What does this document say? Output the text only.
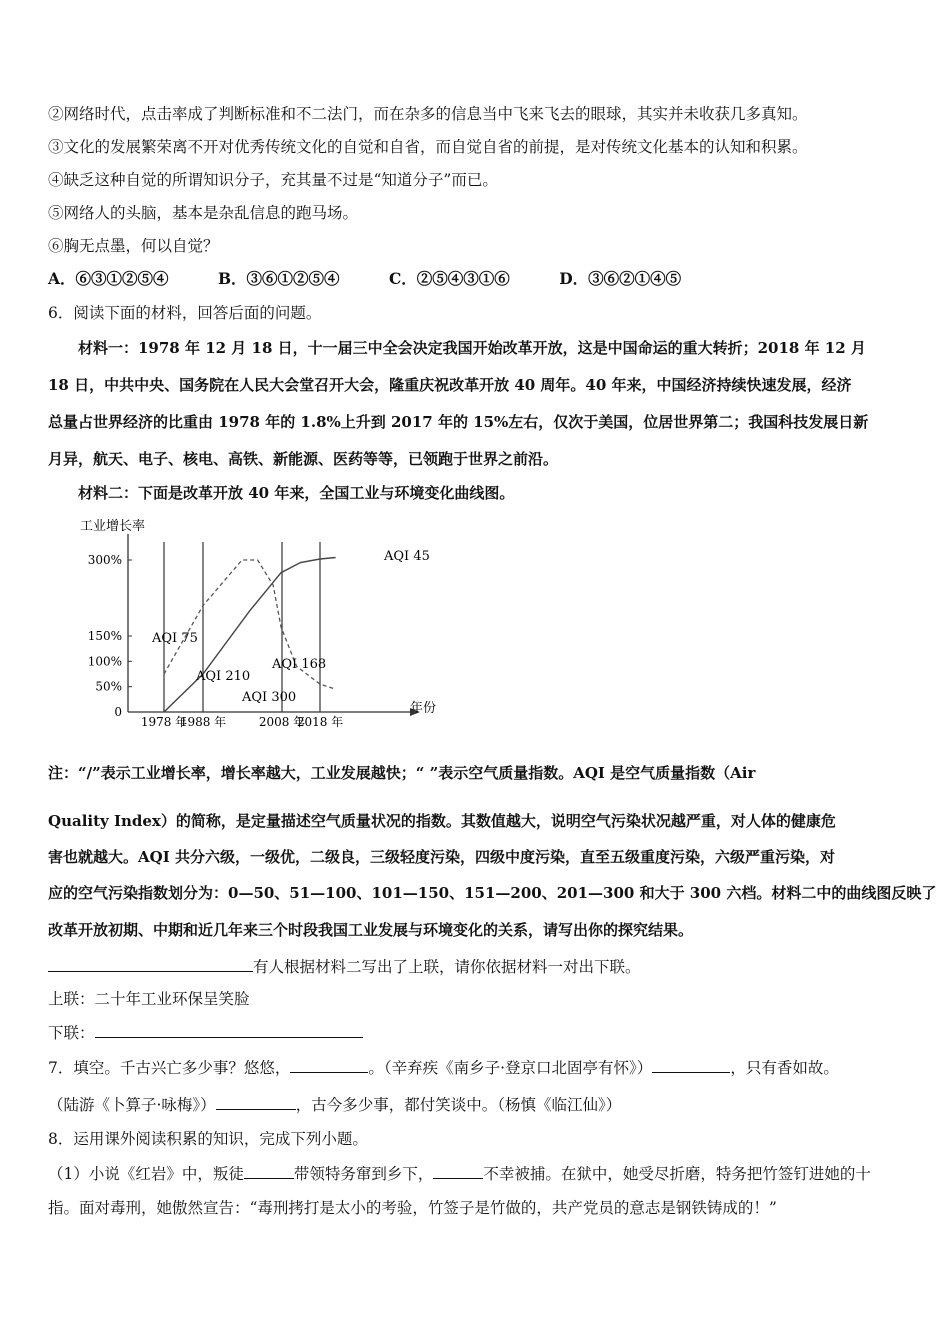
②网络时代，点击率成了判断标准和不二法门，而在杂多的信息当中飞来飞去的眼球，其实并未收获几多真知。
③文化的发展繁荣离不开对优秀传统文化的自觉和自省，而自觉自省的前提，是对传统文化基本的认知和积累。
④缺乏这种自觉的所谓知识分子，充其量不过是“知道分子”而已。
⑤网络人的头脑，基本是杂乱信息的跑马场。
⑥胸无点墨，何以自觉？
A．⑥③①②⑤④	B．③⑥①②⑤④	C．②⑤④③①⑥	D．③⑥②①④⑤
6．阅读下面的材料，回答后面的问题。
材料一：1978 年 12 月 18 日，十一届三中全会决定我国开始改革开放，这是中国命运的重大转折；2018 年 12 月
18 日，中共中央、国务院在人民大会堂召开大会，隆重庆祝改革开放 40 周年。40 年来，中国经济持续快速发展，经济
总量占世界经济的比重由 1978 年的 1.8%上升到 2017 年的 15%左右，仅次于美国，位居世界第二；我国科技发展日新
月异，航天、电子、核电、高铁、新能源、医药等等，已领跑于世界之前沿。
材料二：下面是改革开放 40 年来，全国工业与环境变化曲线图。
工业增长率
年份
300%
150%
100%
50%
0
1978 年
1988 年	2008 年
2018 年
AQI 75
AQI 210
AQI 300
AQI 168
AQI 45
注：“/”表示工业增长率，增长率越大，工业发展越快；“ ”表示空气质量指数。AQI 是空气质量指数（Air
Quality Index）的简称，是定量描述空气质量状况的指数。其数值越大，说明空气污染状况越严重，对人体的健康危
害也就越大。AQI 共分六级，一级优，二级良，三级轻度污染，四级中度污染，直至五级重度污染，六级严重污染，对
应的空气污染指数划分为：0—50、51—100、101—150、151—200、201—300 和大于 300 六档。材料二中的曲线图反映了
改革开放初期、中期和近几年来三个时段我国工业发展与环境变化的关系，请写出你的探究结果。
有人根据材料二写出了上联，请你依据材料一对出下联。
上联：二十年工业环保呈笑脸
下联：
7．填空。千古兴亡多少事？悠悠，	。（辛弃疾《南乡子·登京口北固亭有怀》）	，只有香如故。
（陆游《卜算子·咏梅》）	，古今多少事，都付笑谈中。（杨慎《临江仙》）
8．运用课外阅读积累的知识，完成下列小题。
（1）小说《红岩》中，叛徒	带领特务窜到乡下，	不幸被捕。在狱中，她受尽折磨，特务把竹签钉进她的十
指。面对毒刑，她傲然宣告：“毒刑拷打是太小的考验，竹签子是竹做的，共产党员的意志是钢铁铸成的！”
